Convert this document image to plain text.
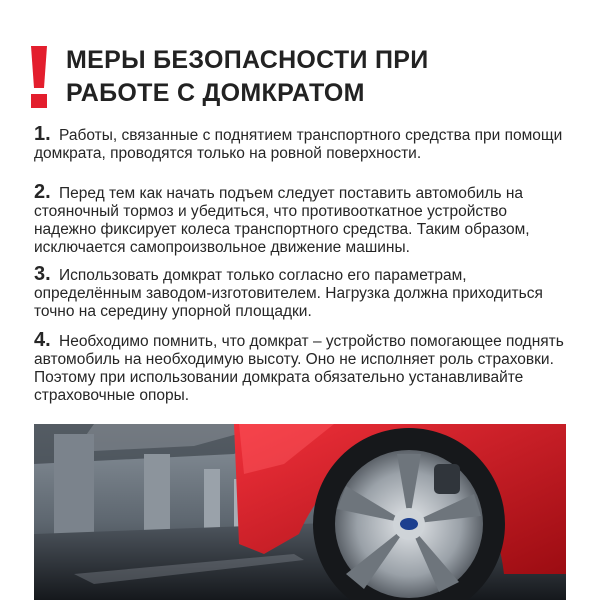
МЕРЫ БЕЗОПАСНОСТИ ПРИ
РАБОТЕ С ДОМКРАТОМ

1. Работы, связанные с поднятием транспортного средства при помощи домкрата, проводятся только на ровной поверхности.

2. Перед тем как начать подъем следует поставить автомобиль на стояночный тормоз и убедиться, что противооткатное устройство надежно фиксирует колеса транспортного средства. Таким образом, исключается самопроизвольное движение машины.

3. Использовать домкрат только согласно его параметрам, определённым заводом-изготовителем. Нагрузка должна приходиться точно на середину упорной площадки.

4. Необходимо помнить, что домкрат – устройство помогающее поднять автомобиль на необходимую высоту. Оно не исполняет роль страховки. Поэтому при использовании домкрата обязательно устанавливайте страховочные опоры.
